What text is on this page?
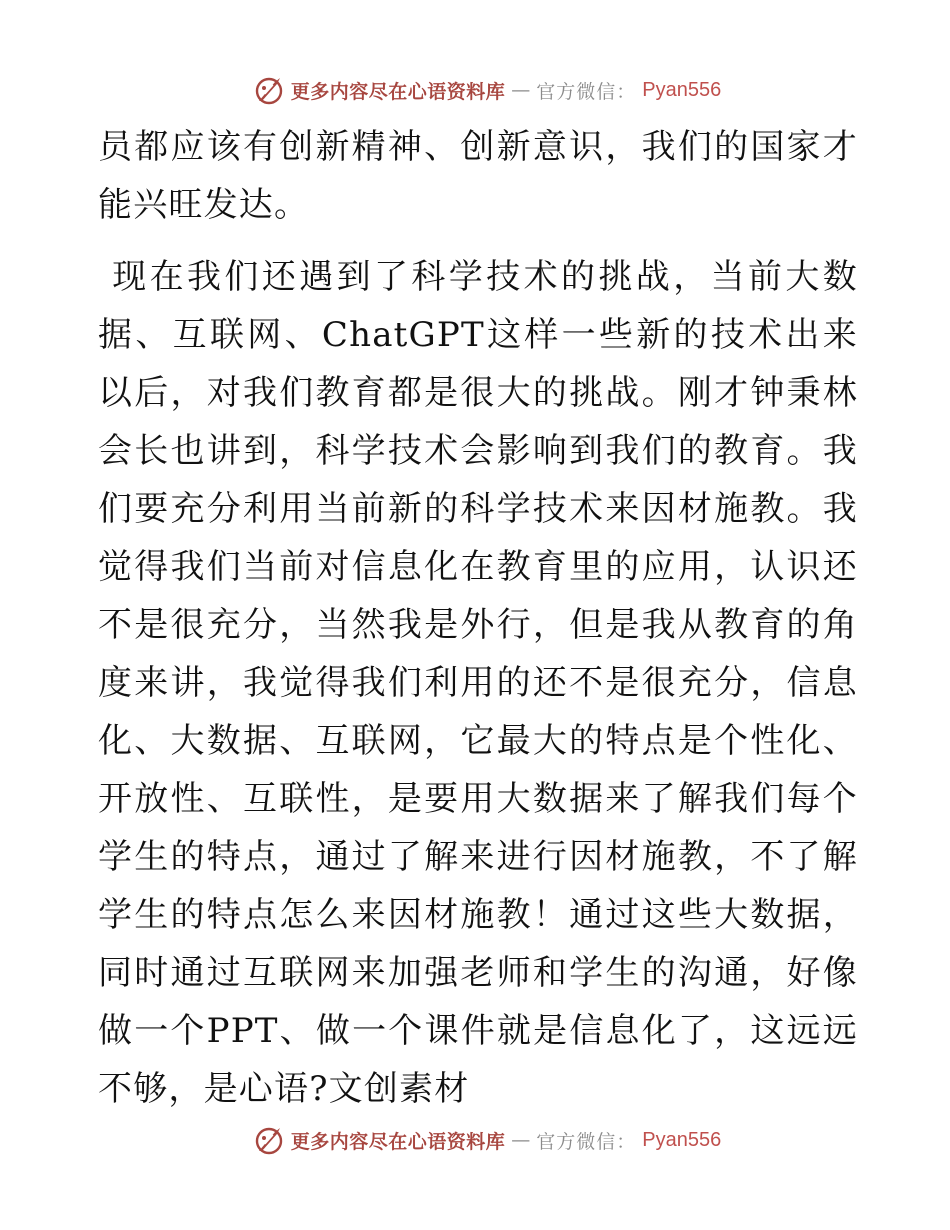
更多内容尽在心语资料库 — 官方微信： Pyan556

员都应该有创新精神、创新意识，我们的国家才能兴旺发达。

现在我们还遇到了科学技术的挑战，当前大数据、互联网、ChatGPT这样一些新的技术出来以后，对我们教育都是很大的挑战。刚才钟秉林会长也讲到，科学技术会影响到我们的教育。我们要充分利用当前新的科学技术来因材施教。我觉得我们当前对信息化在教育里的应用，认识还不是很充分，当然我是外行，但是我从教育的角度来讲，我觉得我们利用的还不是很充分，信息化、大数据、互联网，它最大的特点是个性化、开放性、互联性，是要用大数据来了解我们每个学生的特点，通过了解来进行因材施教，不了解学生的特点怎么来因材施教！通过这些大数据，同时通过互联网来加强老师和学生的沟通，好像做一个PPT、做一个课件就是信息化了，这远远不够，是心语?文创素材

更多内容尽在心语资料库 — 官方微信： Pyan556
